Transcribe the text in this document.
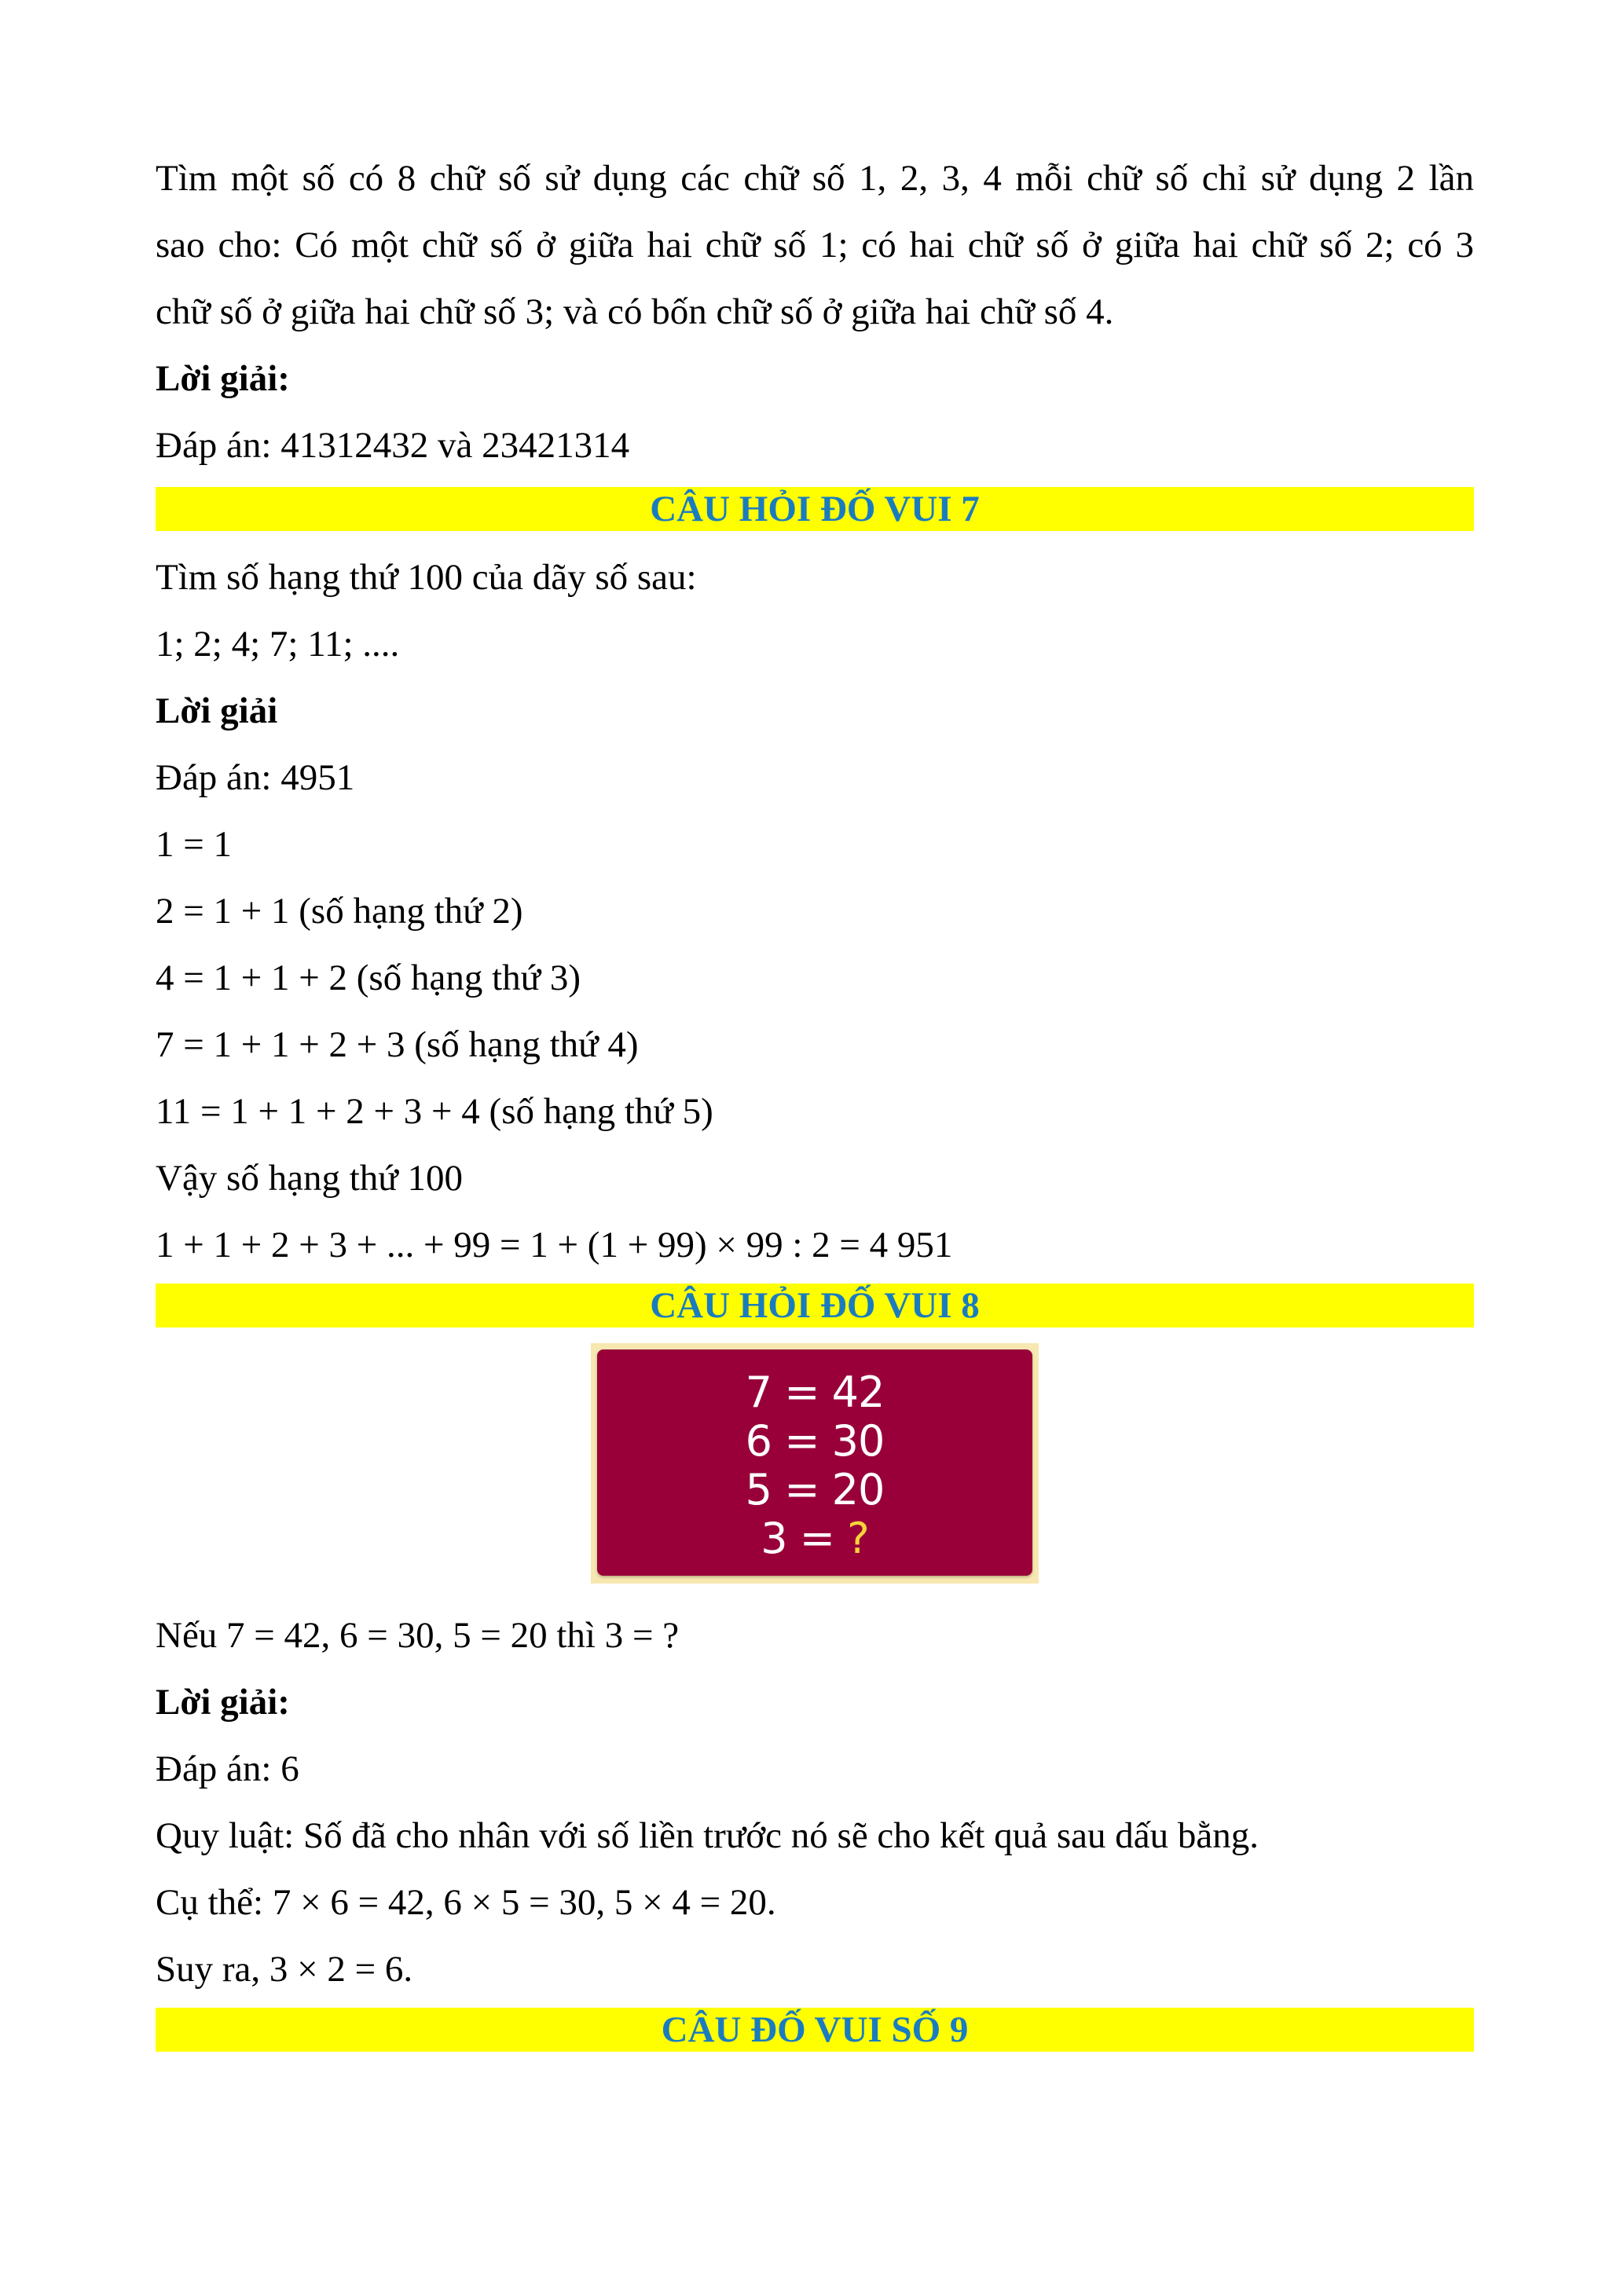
Tìm một số có 8 chữ số sử dụng các chữ số 1, 2, 3, 4 mỗi chữ số chỉ sử dụng 2 lần
sao cho: Có một chữ số ở giữa hai chữ số 1; có hai chữ số ở giữa hai chữ số 2; có 3
chữ số ở giữa hai chữ số 3; và có bốn chữ số ở giữa hai chữ số 4.
Lời giải:
Đáp án: 41312432 và 23421314
CÂU HỎI ĐỐ VUI 7
Tìm số hạng thứ 100 của dãy số sau:
1; 2; 4; 7; 11; ....
Lời giải
Đáp án: 4951
1 = 1
2 = 1 + 1 (số hạng thứ 2)
4 = 1 + 1 + 2 (số hạng thứ 3)
7 = 1 + 1 + 2 + 3 (số hạng thứ 4)
11 = 1 + 1 + 2 + 3 + 4 (số hạng thứ 5)
Vậy số hạng thứ 100
1 + 1 + 2 + 3 + ... + 99 = 1 + (1 + 99) × 99 : 2 = 4 951
CÂU HỎI ĐỐ VUI 8
7 = 42
6 = 30
5 = 20
3 = ?
Nếu 7 = 42, 6 = 30, 5 = 20 thì 3 = ?
Lời giải:
Đáp án: 6
Quy luật: Số đã cho nhân với số liền trước nó sẽ cho kết quả sau dấu bằng.
Cụ thể: 7 × 6 = 42, 6 × 5 = 30, 5 × 4 = 20.
Suy ra, 3 × 2 = 6.
CÂU ĐỐ VUI SỐ 9
